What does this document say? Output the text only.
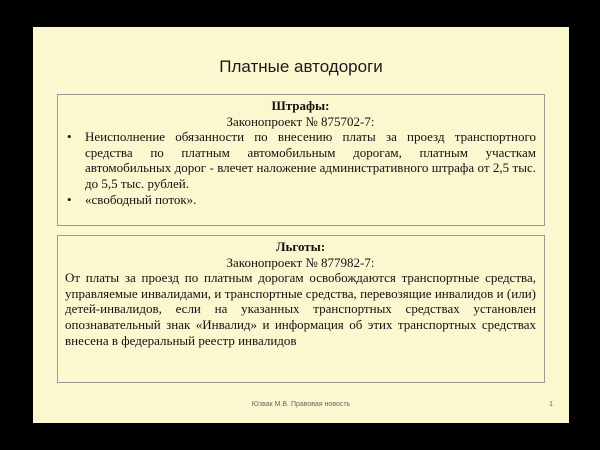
Платные автодороги
Штрафы:
Законопроект № 875702-7:
• Неисполнение обязанности по внесению платы за проезд транспортного средства по платным автомобильным дорогам, платным участкам автомобильных дорог - влечет наложение административного штрафа от 2,5 тыс. до 5,5 тыс. рублей.
• «свободный поток».
Льготы:
Законопроект № 877982-7:
От платы за проезд по платным дорогам освобождаются транспортные средства, управляемые инвалидами, и транспортные средства, перевозящие инвалидов и (или) детей-инвалидов, если на указанных транспортных средствах установлен опознавательный знак «Инвалид» и информация об этих транспортных средствах внесена в федеральный реестр инвалидов
Юзвак М.В. Правовая новость	1
